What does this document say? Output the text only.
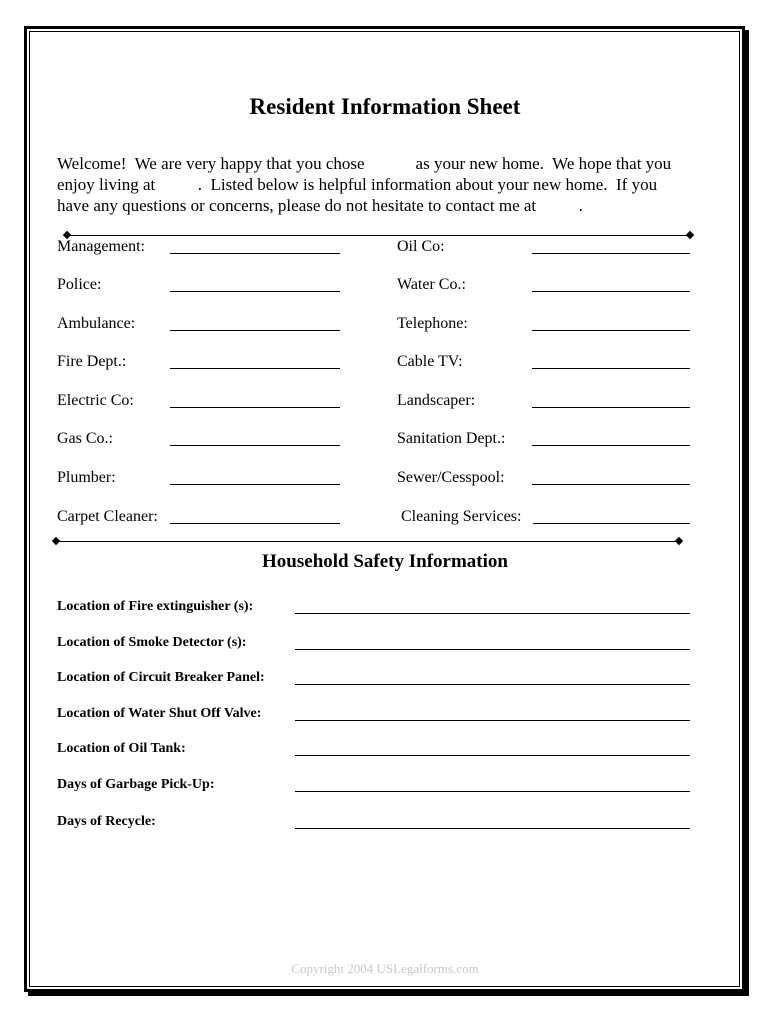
Resident Information Sheet
Welcome!  We are very happy that you chose            as your new home.  We hope that you
enjoy living at          .  Listed below is helpful information about your new home.  If you
have any questions or concerns, please do not hesitate to contact me at          .
Management:
Police:
Ambulance:
Fire Dept.:
Electric Co:
Gas Co.:
Plumber:
Carpet Cleaner:
Oil Co:
Water Co.:
Telephone:
Cable TV:
Landscaper:
Sanitation Dept.:
Sewer/Cesspool:
Cleaning Services:
Household Safety Information
Location of Fire extinguisher (s):
Location of Smoke Detector (s):
Location of Circuit Breaker Panel:
Location of Water Shut Off Valve:
Location of Oil Tank:
Days of Garbage Pick-Up:
Days of Recycle:
Copyright 2004 USLegalforms.com
